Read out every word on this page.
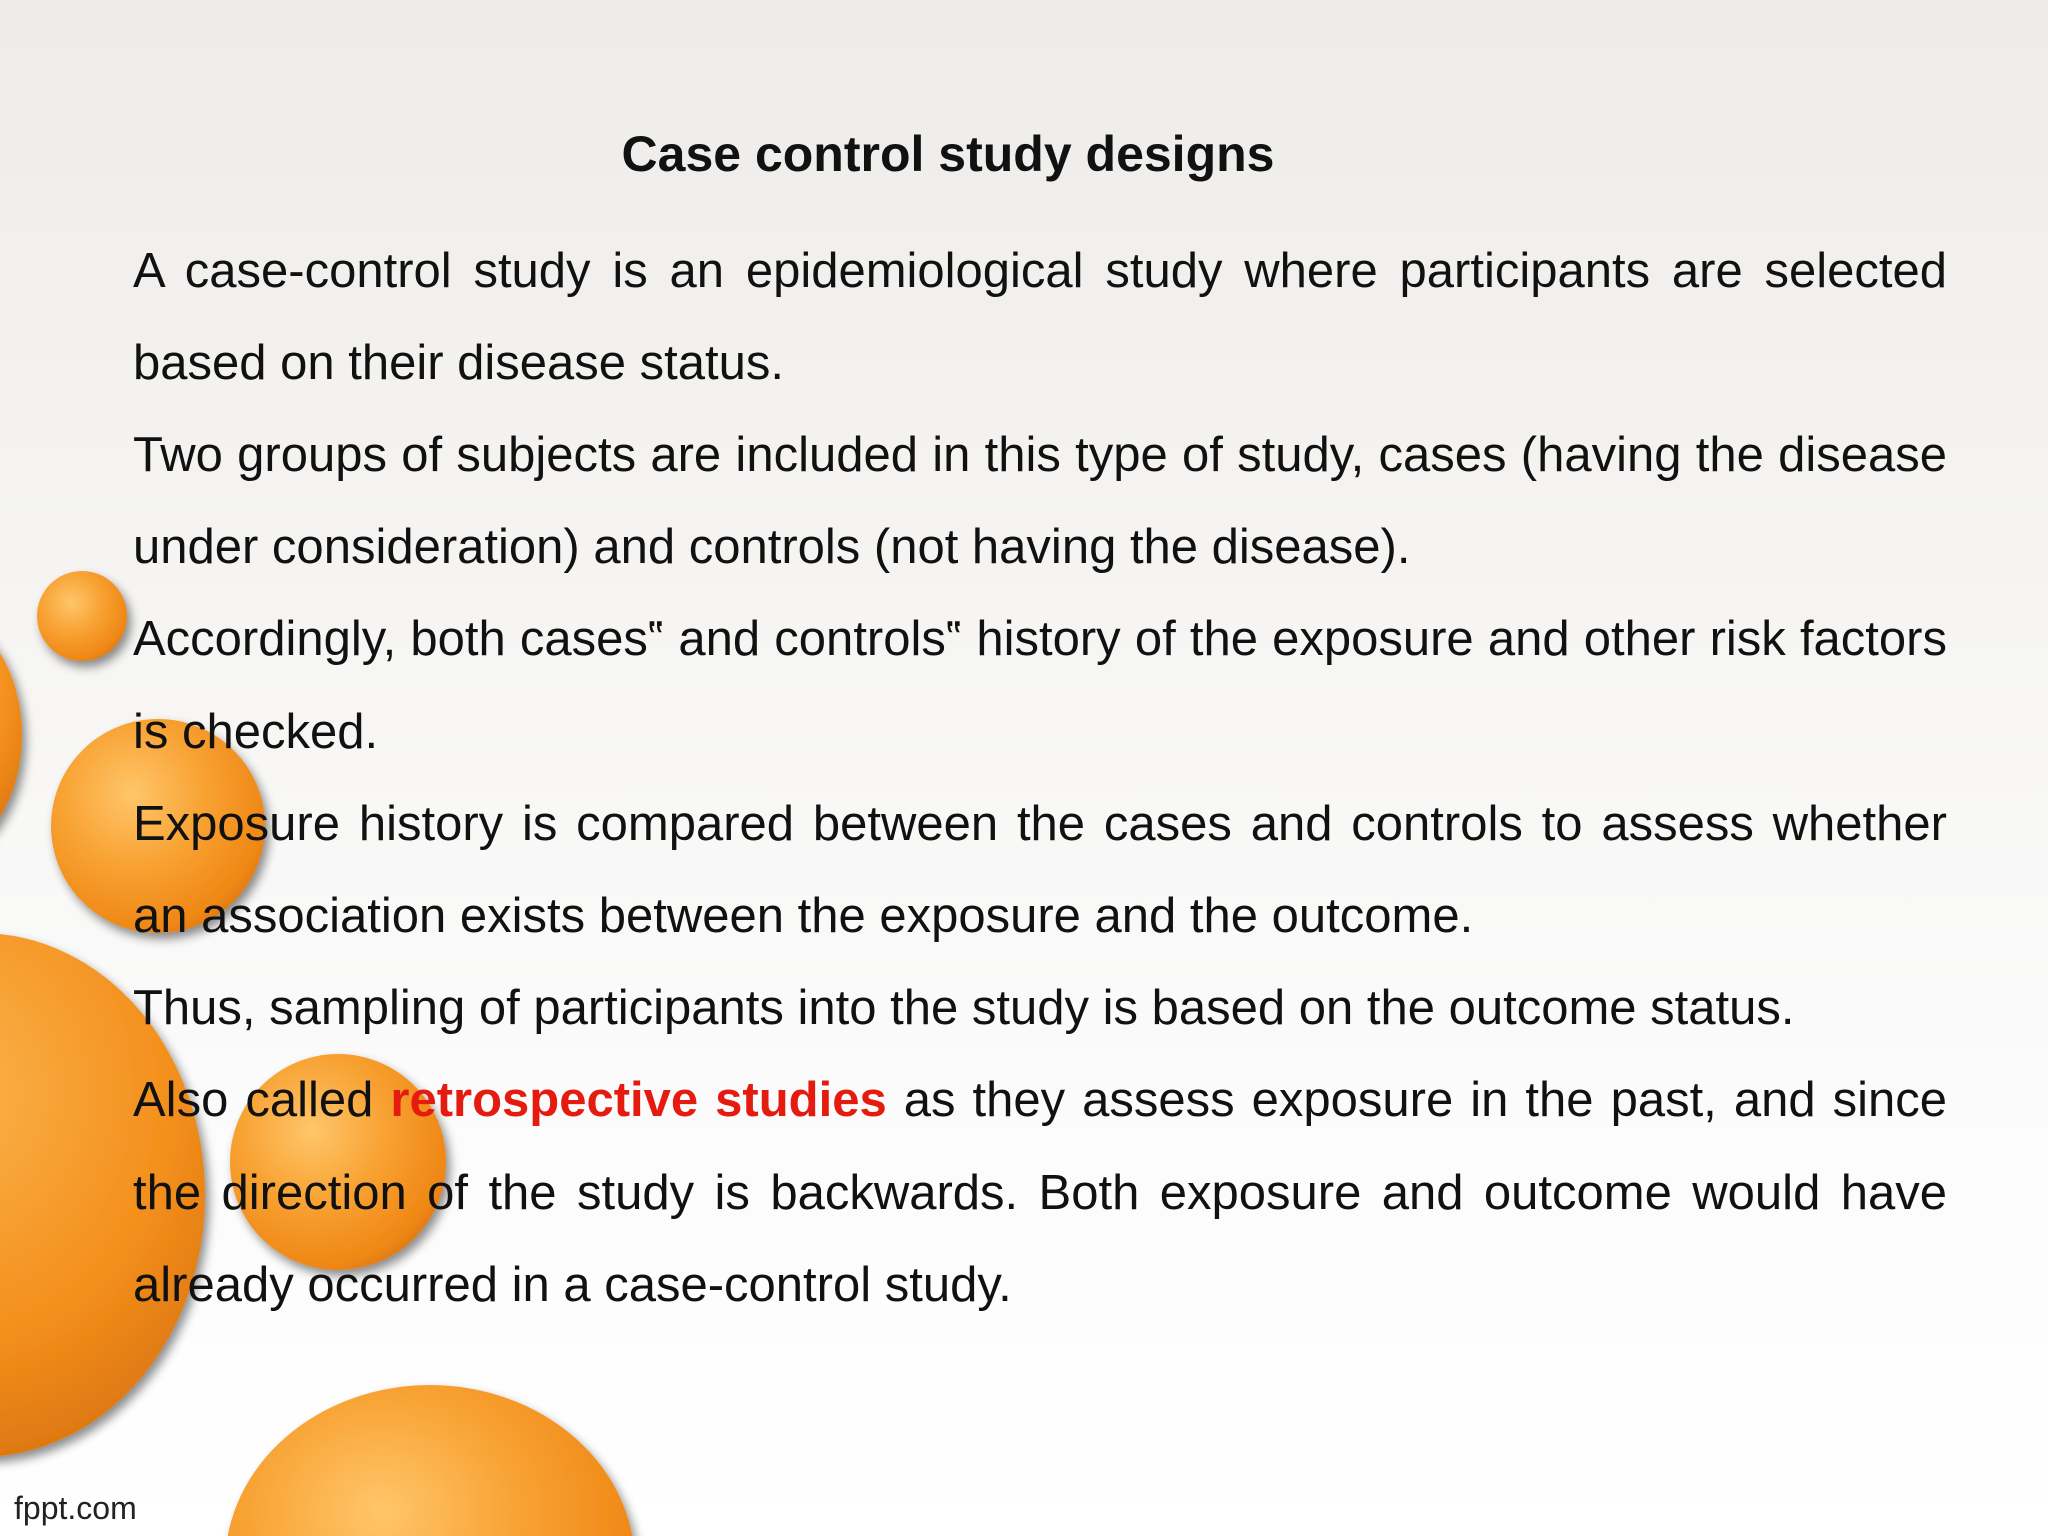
Case control study designs

A case-control study is an epidemiological study where participants are selected based on their disease status.

Two groups of subjects are included in this type of study, cases (having the disease under consideration) and controls (not having the disease).

Accordingly, both cases‟ and controls‟ history of the exposure and other risk factors is checked.

Exposure history is compared between the cases and controls to assess whether an association exists between the exposure and the outcome.

Thus, sampling of participants into the study is based on the outcome status.

Also called retrospective studies as they assess exposure in the past, and since the direction of the study is backwards. Both exposure and outcome would have already occurred in a case-control study.

fppt.com
